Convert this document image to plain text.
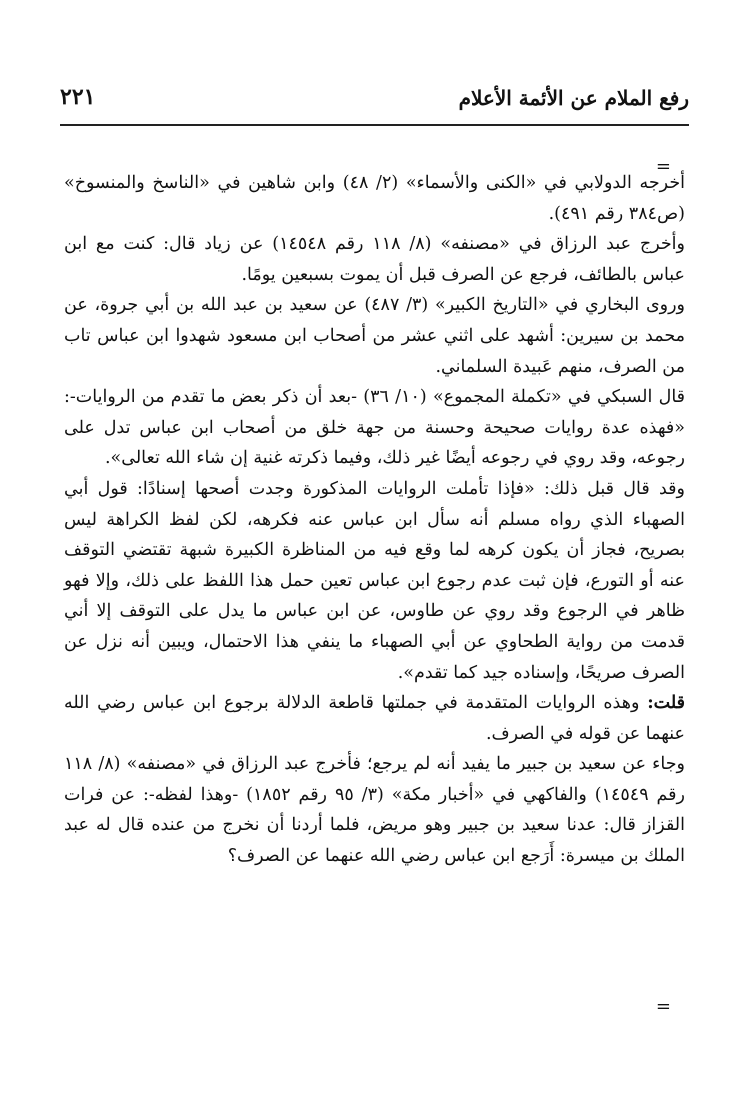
رفع الملام عن الأئمة الأعلام
٢٢١
=

أخرجه الدولابي في «الكنى والأسماء» (٢/ ٤٨) وابن شاهين في «الناسخ والمنسوخ» (ص٣٨٤ رقم ٤٩١).

وأخرج عبد الرزاق في «مصنفه» (٨/ ١١٨ رقم ١٤٥٤٨) عن زياد قال: كنت مع ابن عباس بالطائف، فرجع عن الصرف قبل أن يموت بسبعين يومًا.

وروى البخاري في «التاريخ الكبير» (٣/ ٤٨٧) عن سعيد بن عبد الله بن أبي جروة، عن محمد بن سيرين: أشهد على اثني عشر من أصحاب ابن مسعود شهدوا ابن عباس تاب من الصرف، منهم عَبيدة السلماني.

قال السبكي في «تكملة المجموع» (١٠/ ٣٦) -بعد أن ذكر بعض ما تقدم من الروايات-: «فهذه عدة روايات صحيحة وحسنة من جهة خلق من أصحاب ابن عباس تدل على رجوعه، وقد روي في رجوعه أيضًا غير ذلك، وفيما ذكرته غنية إن شاء الله تعالى».

وقد قال قبل ذلك: «فإذا تأملت الروايات المذكورة وجدت أصحها إسنادًا: قول أبي الصهباء الذي رواه مسلم أنه سأل ابن عباس عنه فكرهه، لكن لفظ الكراهة ليس بصريح، فجاز أن يكون كرهه لما وقع فيه من المناظرة الكبيرة شبهة تقتضي التوقف عنه أو التورع، فإن ثبت عدم رجوع ابن عباس تعين حمل هذا اللفظ على ذلك، وإلا فهو ظاهر في الرجوع وقد روي عن طاوس، عن ابن عباس ما يدل على التوقف إلا أني قدمت من رواية الطحاوي عن أبي الصهباء ما ينفي هذا الاحتمال، ويبين أنه نزل عن الصرف صريحًا، وإسناده جيد كما تقدم».

قلت: وهذه الروايات المتقدمة في جملتها قاطعة الدلالة برجوع ابن عباس رضي الله عنهما عن قوله في الصرف.

وجاء عن سعيد بن جبير ما يفيد أنه لم يرجع؛ فأخرج عبد الرزاق في «مصنفه» (٨/ ١١٨ رقم ١٤٥٤٩) والفاكهي في «أخبار مكة» (٣/ ٩٥ رقم ١٨٥٢) -وهذا لفظه-: عن فرات القزاز قال: عدنا سعيد بن جبير وهو مريض، فلما أردنا أن نخرج من عنده قال له عبد الملك بن ميسرة: أَرَجع ابن عباس رضي الله عنهما عن الصرف؟

=
